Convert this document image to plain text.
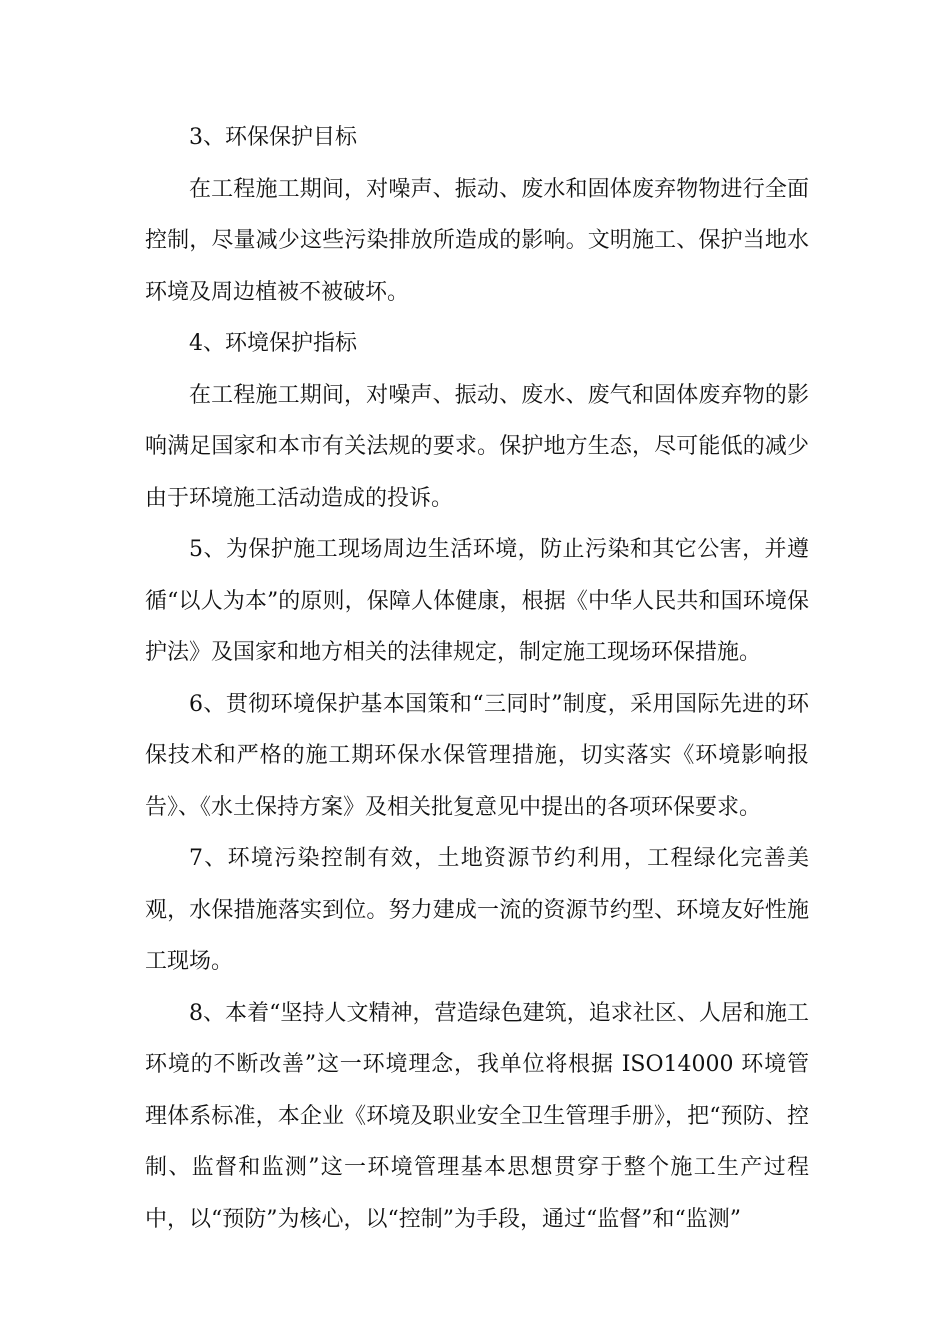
3、环保保护目标

在工程施工期间，对噪声、振动、废水和固体废弃物物进行全面控制，尽量减少这些污染排放所造成的影响。文明施工、保护当地水环境及周边植被不被破坏。

4、环境保护指标

在工程施工期间，对噪声、振动、废水、废气和固体废弃物的影响满足国家和本市有关法规的要求。保护地方生态，尽可能低的减少由于环境施工活动造成的投诉。

5、为保护施工现场周边生活环境，防止污染和其它公害，并遵循“以人为本”的原则，保障人体健康，根据《中华人民共和国环境保护法》及国家和地方相关的法律规定，制定施工现场环保措施。

6、贯彻环境保护基本国策和“三同时”制度，采用国际先进的环保技术和严格的施工期环保水保管理措施，切实落实《环境影响报告》、《水土保持方案》及相关批复意见中提出的各项环保要求。

7、环境污染控制有效，土地资源节约利用，工程绿化完善美观，水保措施落实到位。努力建成一流的资源节约型、环境友好性施工现场。

8、本着“坚持人文精神，营造绿色建筑，追求社区、人居和施工环境的不断改善”这一环境理念，我单位将根据 ISO14000 环境管理体系标准，本企业《环境及职业安全卫生管理手册》，把“预防、控制、监督和监测”这一环境管理基本思想贯穿于整个施工生产过程中，以“预防”为核心，以“控制”为手段，通过“监督”和“监测”
